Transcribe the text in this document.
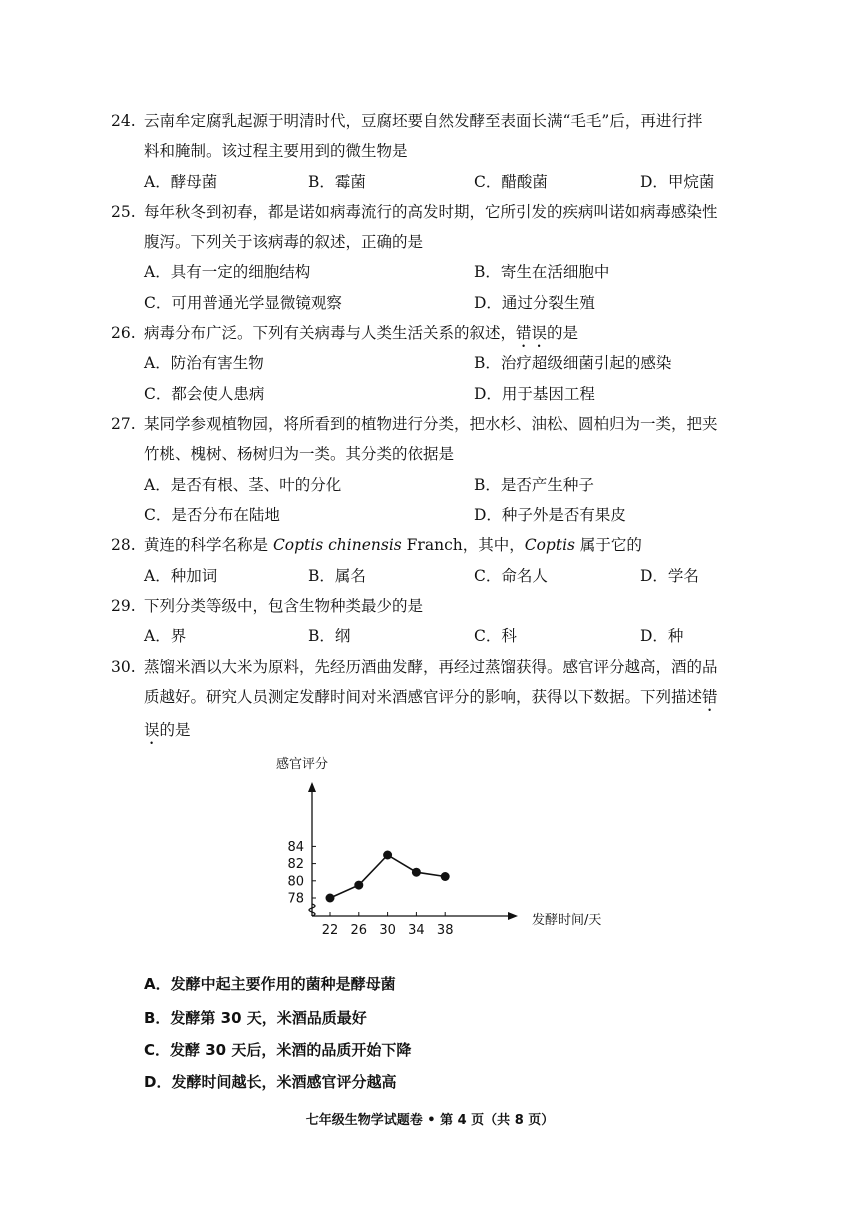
24. 云南牟定腐乳起源于明清时代，豆腐坯要自然发酵至表面长满“毛毛”后，再进行拌
料和腌制。该过程主要用到的微生物是
A．酵母菌	B．霉菌	C．醋酸菌	D．甲烷菌
25. 每年秋冬到初春，都是诺如病毒流行的高发时期，它所引发的疾病叫诺如病毒感染性
腹泻。下列关于该病毒的叙述，正确的是
A．具有一定的细胞结构	B．寄生在活细胞中
C．可用普通光学显微镜观察	D．通过分裂生殖
26. 病毒分布广泛。下列有关病毒与人类生活关系的叙述，错误的是
A．防治有害生物	B．治疗超级细菌引起的感染
C．都会使人患病	D．用于基因工程
27. 某同学参观植物园，将所看到的植物进行分类，把水杉、油松、圆柏归为一类，把夹
竹桃、槐树、杨树归为一类。其分类的依据是
A．是否有根、茎、叶的分化	B．是否产生种子
C．是否分布在陆地	D．种子外是否有果皮
28. 黄连的科学名称是 Coptis chinensis Franch，其中，Coptis 属于它的
A．种加词	B．属名	C．命名人	D．学名
29. 下列分类等级中，包含生物种类最少的是
A．界	B．纲	C．科	D．种
30. 蒸馏米酒以大米为原料，先经历酒曲发酵，再经过蒸馏获得。感官评分越高，酒的品
质越好。研究人员测定发酵时间对米酒感官评分的影响，获得以下数据。下列描述错
误的是
感官评分
发酵时间/天
78
80
82
84
22 26 30 34 38
A．发酵中起主要作用的菌种是酵母菌
B．发酵第 30 天，米酒品质最好
C．发酵 30 天后，米酒的品质开始下降
D．发酵时间越长，米酒感官评分越高
七年级生物学试题卷 • 第 4 页（共 8 页）
